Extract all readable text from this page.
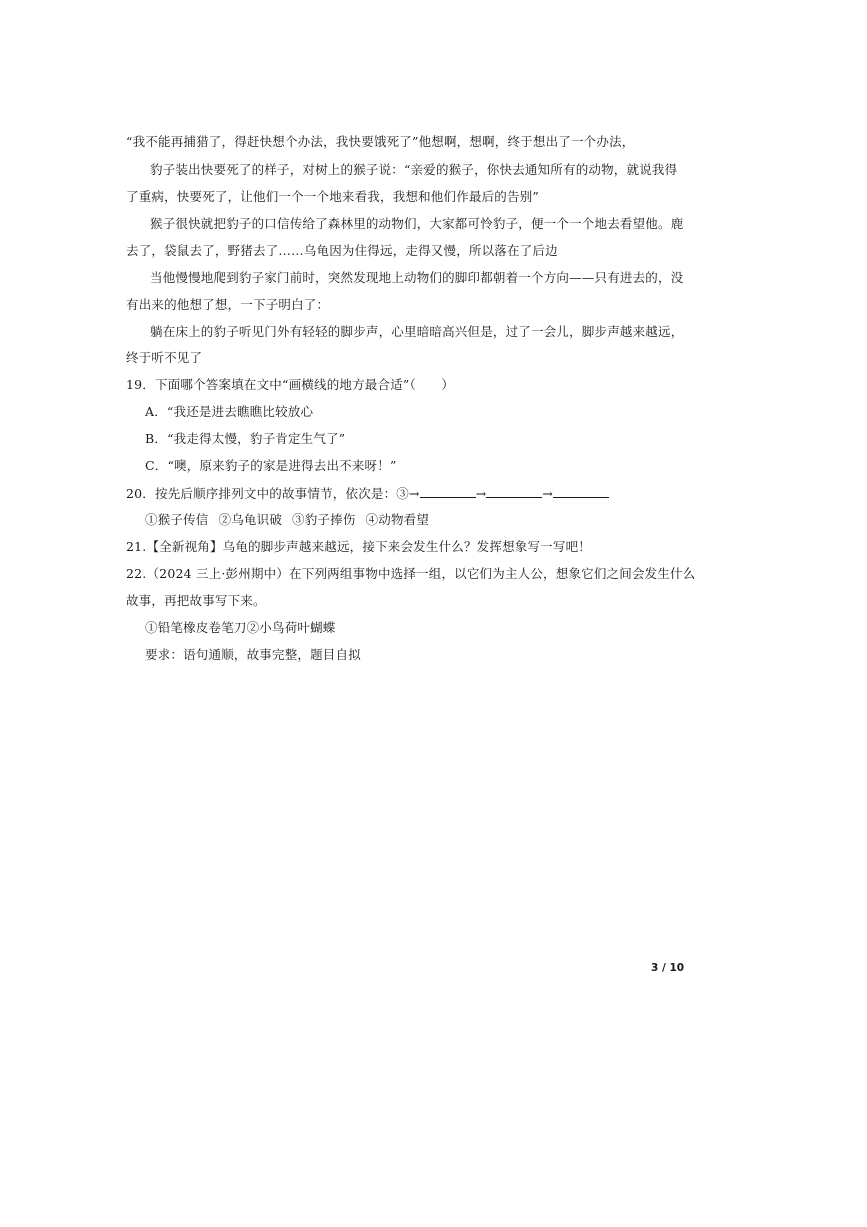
“我不能再捕猎了，得赶快想个办法，我快要饿死了”他想啊，想啊，终于想出了一个办法，
豹子装出快要死了的样子，对树上的猴子说：“亲爱的猴子，你快去通知所有的动物，就说我得
了重病，快要死了，让他们一个一个地来看我，我想和他们作最后的告别”
猴子很快就把豹子的口信传给了森林里的动物们，大家都可怜豹子，便一个一个地去看望他。鹿
去了，袋鼠去了，野猪去了……乌龟因为住得远，走得又慢，所以落在了后边
当他慢慢地爬到豹子家门前时，突然发现地上动物们的脚印都朝着一个方向——只有进去的，没
有出来的他想了想，一下子明白了：
躺在床上的豹子听见门外有轻轻的脚步声，心里暗暗高兴但是，过了一会儿，脚步声越来越远，
终于听不见了
19．下面哪个答案填在文中“画横线的地方最合适”（　　）
A．“我还是进去瞧瞧比较放心
B．“我走得太慢，豹子肯定生气了”
C．“噢，原来豹子的家是进得去出不来呀！”
20．按先后顺序排列文中的故事情节，依次是：③→	→	→
①猴子传信 ②乌龟识破 ③豹子捧伤 ④动物看望
21.【全新视角】乌龟的脚步声越来越远，接下来会发生什么？发挥想象写一写吧！
22.（2024 三上·彭州期中）在下列两组事物中选择一组，以它们为主人公，想象它们之间会发生什么
故事，再把故事写下来。
①铅笔橡皮卷笔刀②小鸟荷叶蝴蝶
要求：语句通顺，故事完整，题目自拟
3 / 10
